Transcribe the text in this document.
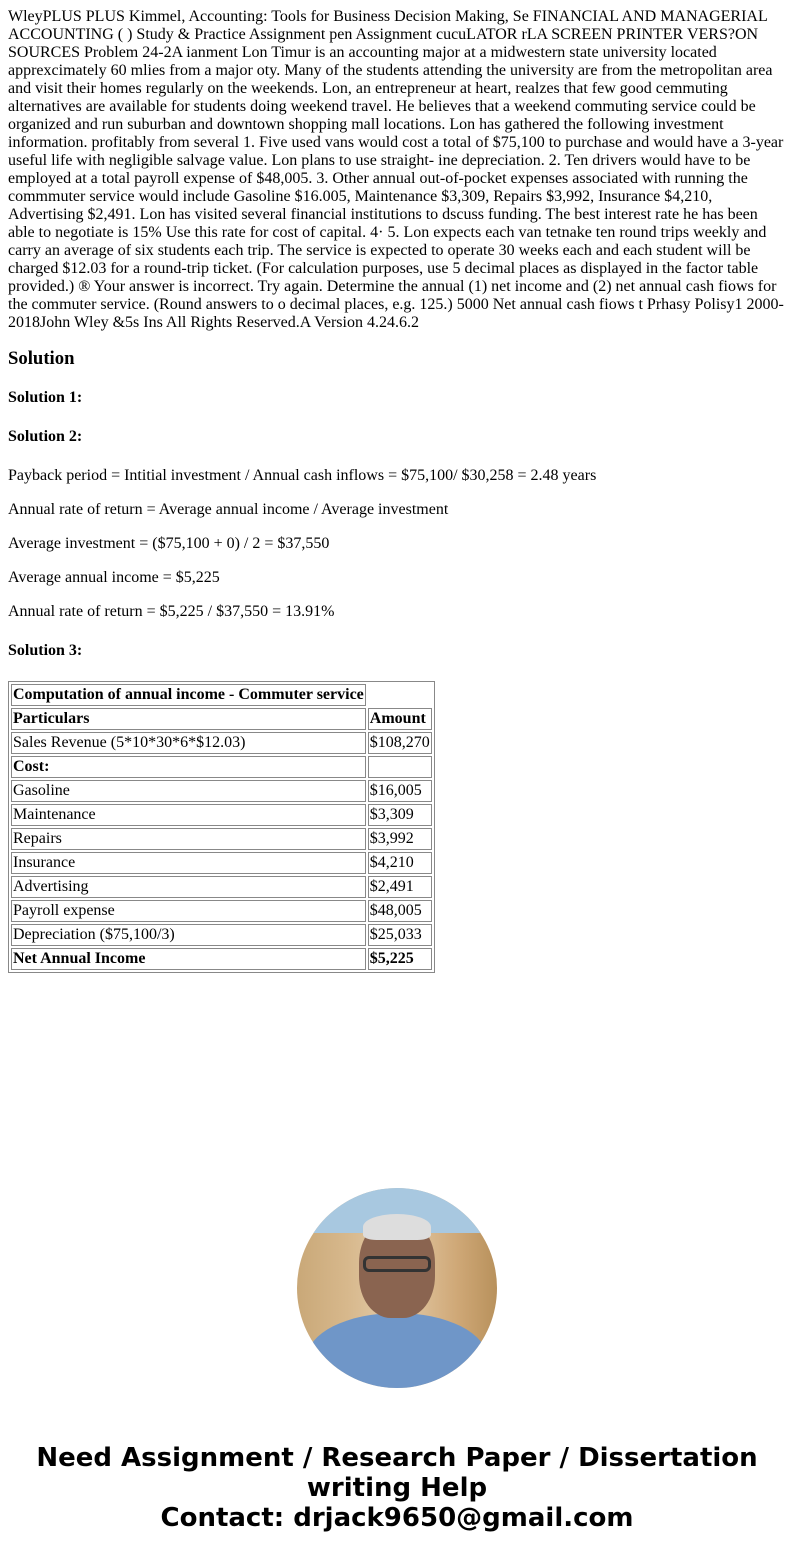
WleyPLUS PLUS Kimmel, Accounting: Tools for Business Decision Making, Se FINANCIAL AND MANAGERIAL ACCOUNTING ( ) Study & Practice Assignment pen Assignment cucuLATOR rLA SCREEN PRINTER VERS?ON SOURCES Problem 24-2A ianment Lon Timur is an accounting major at a midwestern state university located apprexcimately 60 mlies from a major oty. Many of the students attending the university are from the metropolitan area and visit their homes regularly on the weekends. Lon, an entrepreneur at heart, realzes that few good cemmuting alternatives are available for students doing weekend travel. He believes that a weekend commuting service could be organized and run suburban and downtown shopping mall locations. Lon has gathered the following investment information. profitably from several 1. Five used vans would cost a total of $75,100 to purchase and would have a 3-year useful life with negligible salvage value. Lon plans to use straight- ine depreciation. 2. Ten drivers would have to be employed at a total payroll expense of $48,005. 3. Other annual out-of-pocket expenses associated with running the commmuter service would include Gasoline $16.005, Maintenance $3,309, Repairs $3,992, Insurance $4,210, Advertising $2,491. Lon has visited several financial institutions to dscuss funding. The best interest rate he has been able to negotiate is 15% Use this rate for cost of capital. 4· 5. Lon expects each van tetnake ten round trips weekly and carry an average of six students each trip. The service is expected to operate 30 weeks each and each student will be charged $12.03 for a round-trip ticket. (For calculation purposes, use 5 decimal places as displayed in the factor table provided.) ® Your answer is incorrect. Try again. Determine the annual (1) net income and (2) net annual cash fiows for the commuter service. (Round answers to o decimal places, e.g. 125.) 5000 Net annual cash fiows t Prhasy Polisy1 2000-2018John Wley &5s Ins All Rights Reserved.A Version 4.24.6.2

Solution
Solution 1:
Solution 2:

Payback period = Intitial investment / Annual cash inflows = $75,100/ $30,258 = 2.48 years

Annual rate of return = Average annual income / Average investment

Average investment = ($75,100 + 0) / 2 = $37,550

Average annual income = $5,225

Annual rate of return = $5,225 / $37,550 = 13.91%

Solution 3:
Computation of annual income - Commuter service	
Particulars	Amount
Sales Revenue (5*10*30*6*$12.03)	$108,270
Cost:	
Gasoline	$16,005
Maintenance	$3,309
Repairs	$3,992
Insurance	$4,210
Advertising	$2,491
Payroll expense	$48,005
Depreciation ($75,100/3)	$25,033
Net Annual Income	$5,225
Need Assignment / Research Paper / Dissertation writing Help
Contact: drjack9650@gmail.com
